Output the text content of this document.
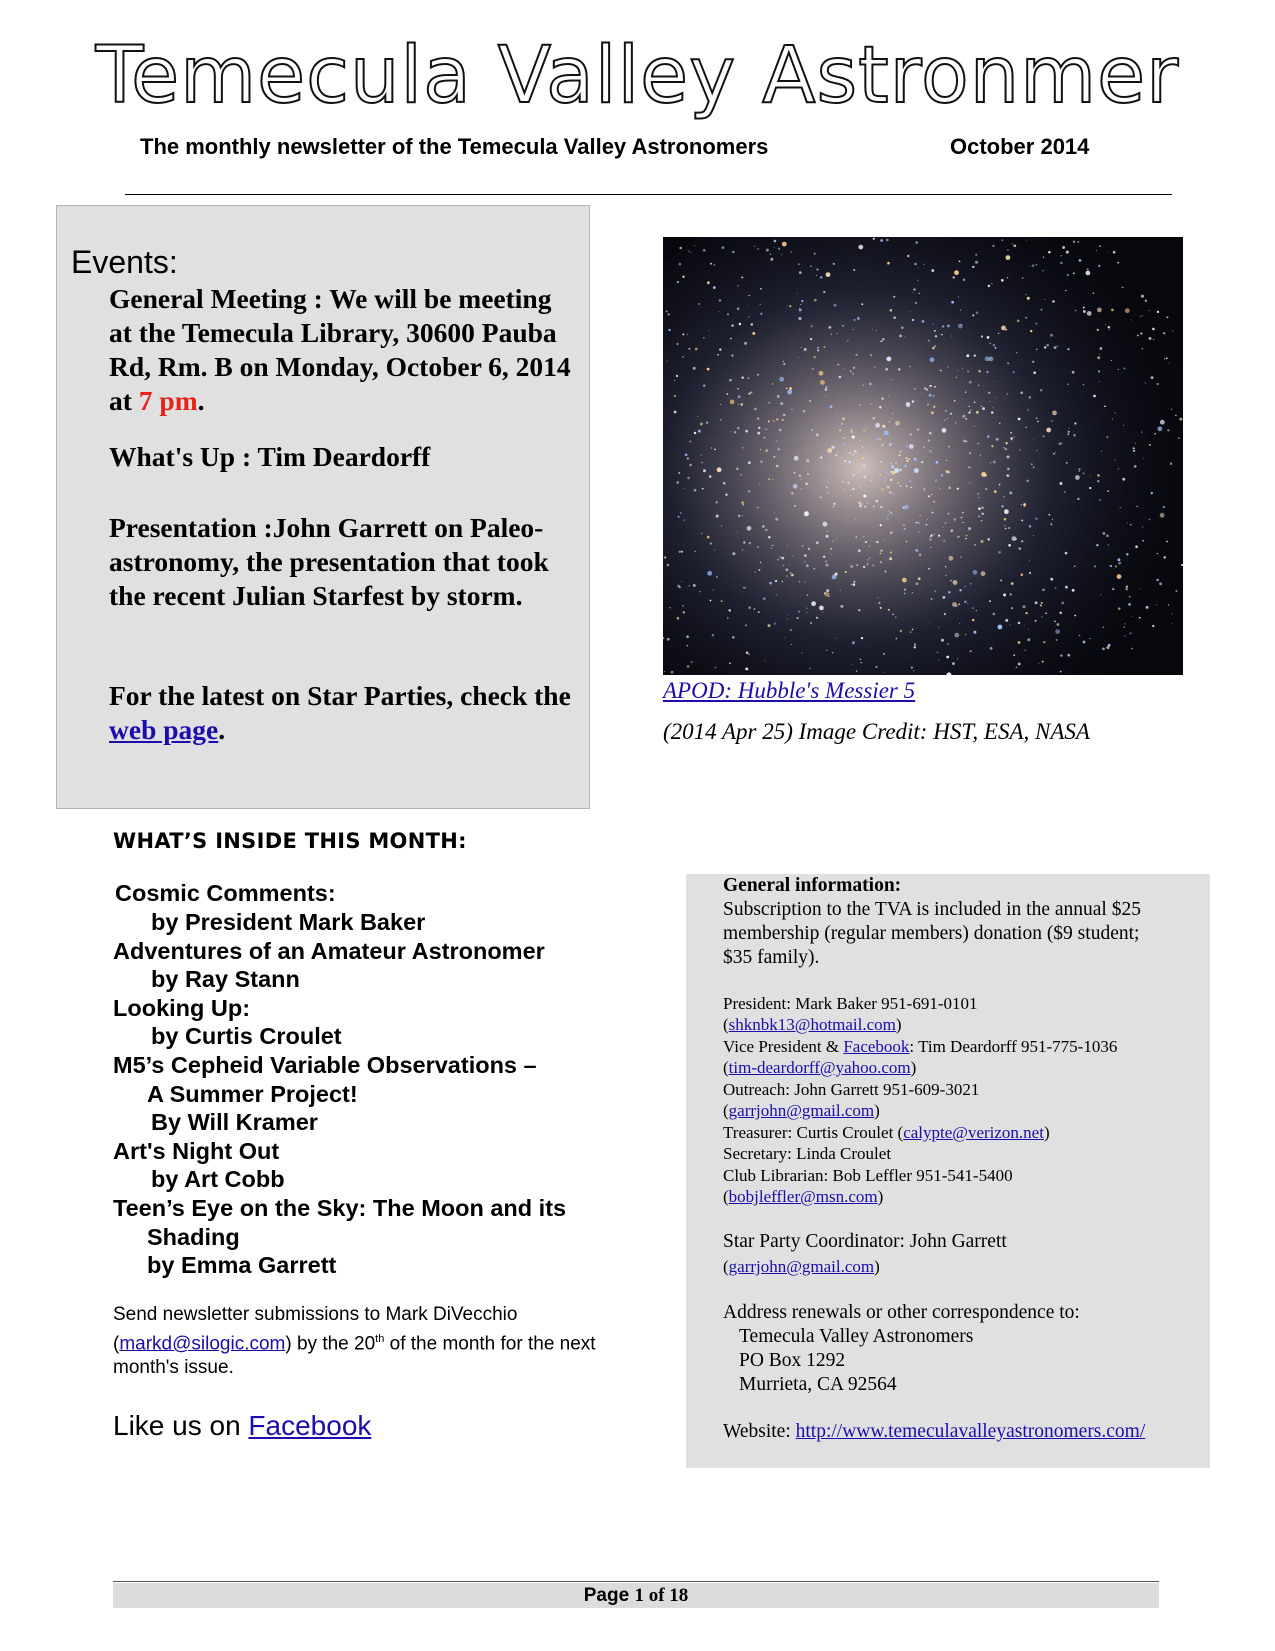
Temecula Valley Astronmer
The monthly newsletter of the Temecula Valley Astronomers	October 2014
Events:
General Meeting : We will be meeting at the Temecula Library, 30600 Pauba Rd, Rm. B on Monday, October 6, 2014 at 7 pm.
What's Up : Tim Deardorff
Presentation :John Garrett on Paleo-astronomy, the presentation that took the recent Julian Starfest by storm.
For the latest on Star Parties, check the web page.
APOD: Hubble's Messier 5
(2014 Apr 25) Image Credit: HST, ESA, NASA
WHAT’S INSIDE THIS MONTH:
Cosmic Comments:
by President Mark Baker
Adventures of an Amateur Astronomer
by Ray Stann
Looking Up:
by Curtis Croulet
M5’s Cepheid Variable Observations –
A Summer Project!
By Will Kramer
Art's Night Out
by Art Cobb
Teen’s Eye on the Sky: The Moon and its
Shading
by Emma Garrett
Send newsletter submissions to Mark DiVecchio (markd@silogic.com) by the 20th of the month for the next month's issue.
Like us on Facebook
General information:
Subscription to the TVA is included in the annual $25
membership (regular members) donation ($9 student;
$35 family).
President: Mark Baker 951-691-0101
(shknbk13@hotmail.com)
Vice President & Facebook: Tim Deardorff 951-775-1036
(tim-deardorff@yahoo.com)
Outreach: John Garrett 951-609-3021
(garrjohn@gmail.com)
Treasurer: Curtis Croulet (calypte@verizon.net)
Secretary: Linda Croulet
Club Librarian: Bob Leffler 951-541-5400
(bobjleffler@msn.com)
Star Party Coordinator: John Garrett
(garrjohn@gmail.com)
Address renewals or other correspondence to:
Temecula Valley Astronomers
PO Box 1292
Murrieta, CA 92564
Website: http://www.temeculavalleyastronomers.com/
Page 1 of 18
